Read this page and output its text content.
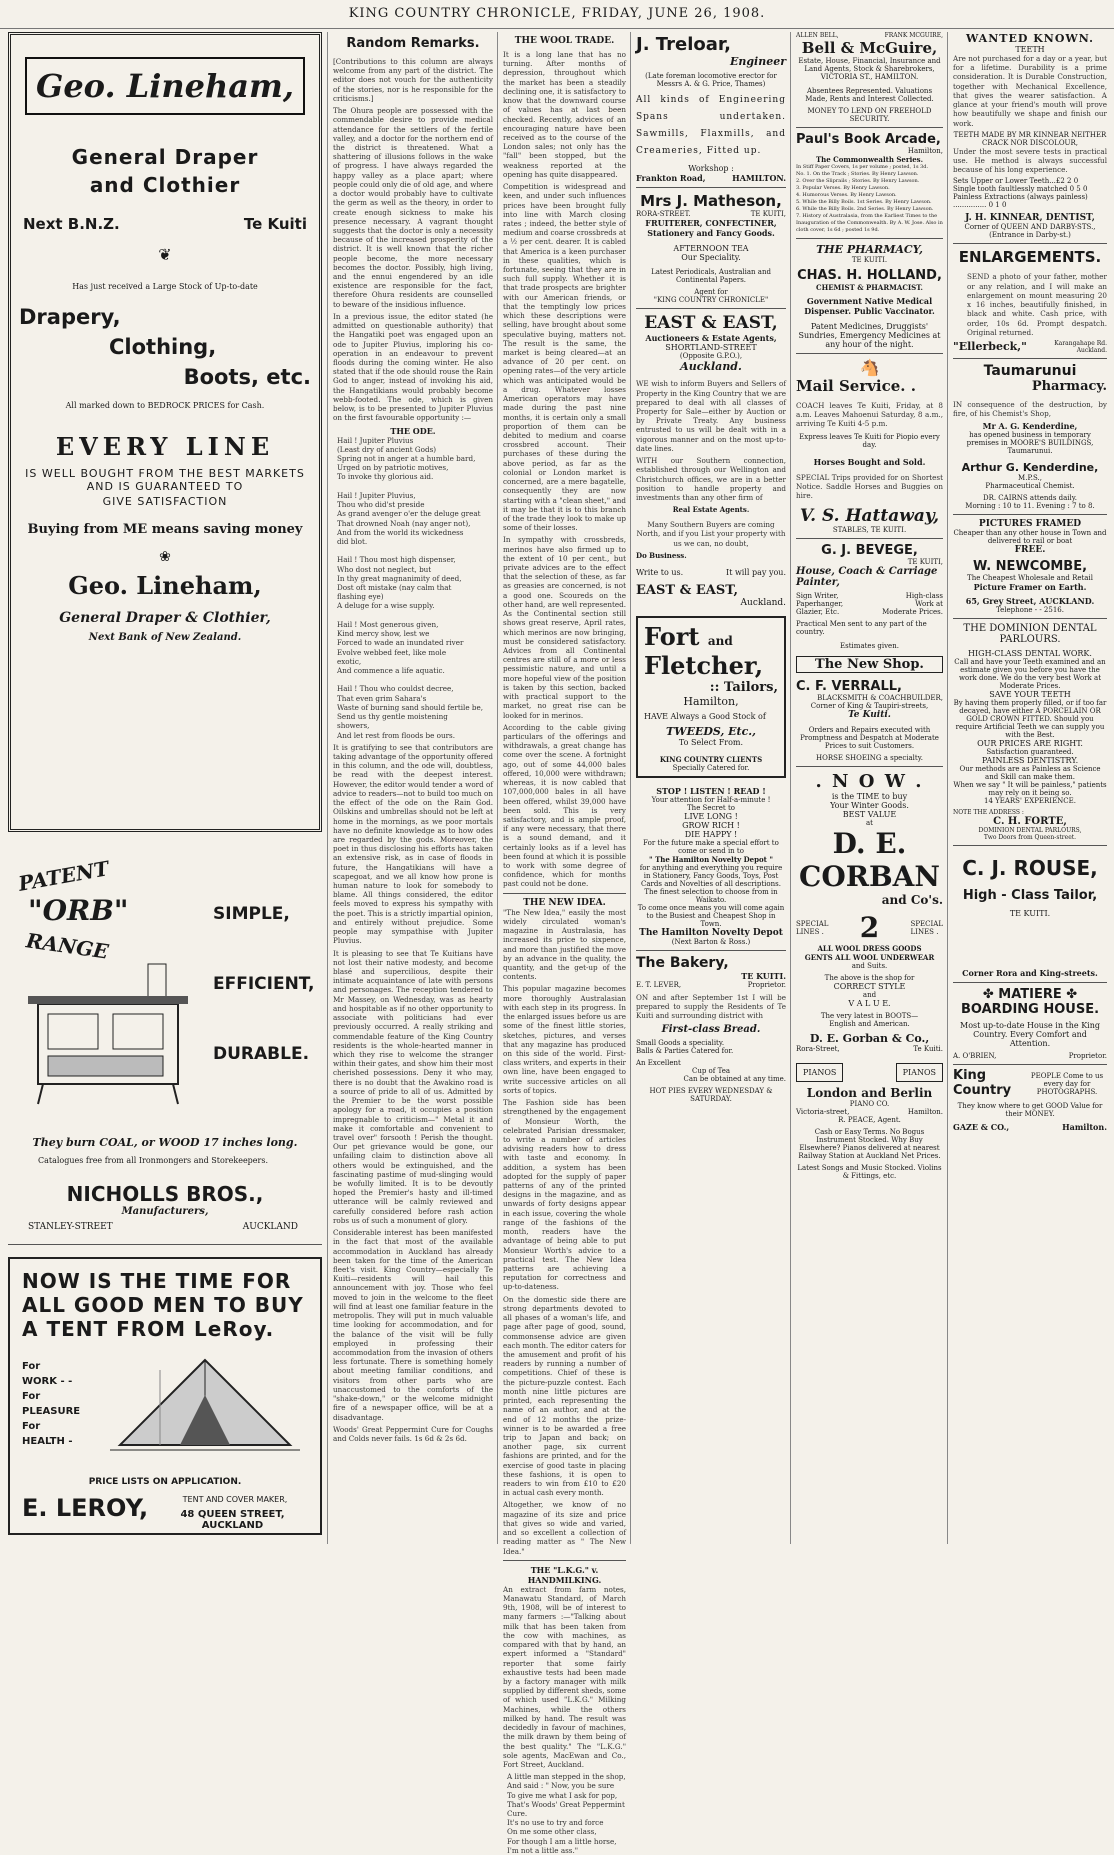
KING COUNTRY CHRONICLE, FRIDAY, JUNE 26, 1908.
Geo. Lineham,
General Draper
and Clothier
Next B.N.Z.	Te Kuiti
❦
Has just received a Large Stock of Up-to-date
Drapery,
Clothing,
Boots, etc.
All marked down to BEDROCK PRICES for Cash.
EVERY LINE
IS WELL BOUGHT FROM THE BEST MARKETS AND IS GUARANTEED TO
GIVE SATISFACTION
Buying from ME means saving money
❀
Geo. Lineham,
General Draper & Clothier,
Next Bank of New Zealand.
PATENT
"ORB"
RANGE
SIMPLE,
EFFICIENT,
DURABLE.
They burn COAL, or WOOD 17 inches long.
Catalogues free from all Ironmongers and Storekeepers.
NICHOLLS BROS.,
Manufacturers,
STANLEY-STREET	AUCKLAND
NOW IS THE TIME FOR ALL GOOD MEN TO BUY A TENT FROM LeRoy.
For
WORK - -
For
PLEASURE
For
HEALTH -
PRICE LISTS ON APPLICATION.
E. LEROY,	TENT AND COVER MAKER,
48 QUEEN STREET, AUCKLAND
Random Remarks.

[Contributions to this column are always welcome from any part of the district. The editor does not vouch for the authenticity of the stories, nor is he responsible for the criticisms.]

The Ohura people are possessed with the commendable desire to provide medical attendance for the settlers of the fertile valley, and a doctor for the northern end of the district is threatened. What a shattering of illusions follows in the wake of progress. I have always regarded the happy valley as a place apart; where people could only die of old age, and where a doctor would probably have to cultivate the germ as well as the theory, in order to create enough sickness to make his presence necessary. A vagrant thought suggests that the doctor is only a necessity because of the increased prosperity of the district. It is well known that the richer people become, the more necessary becomes the doctor. Possibly, high living, and the ennui engendered by an idle existence are responsible for the fact, therefore Ohura residents are counselled to beware of the insidious influence.

In a previous issue, the editor stated (he admitted on questionable authority) that the Hangatiki poet was engaged upon an ode to Jupiter Pluvius, imploring his co-operation in an endeavour to prevent floods during the coming winter. He also stated that if the ode should rouse the Rain God to anger, instead of invoking his aid, the Hangatikians would probably become webb-footed. The ode, which is given below, is to be presented to Jupiter Pluvius on the first favourable opportunity :—

THE ODE.
Hail ! Jupiter Pluvius
(Least dry of ancient Gods)
Spring not in anger at a humble bard,
Urged on by patriotic motives,
To invoke thy glorious aid.

Hail ! Jupiter Pluvius,
Thou who did'st preside
As grand avenger o'er the deluge great
That drowned Noah (nay anger not),
And from the world its wickedness
did blot.

Hail ! Thou most high dispenser,
Who dost not neglect, but
In thy great magnanimity of deed,
Dost oft mistake (nay calm that
flashing eye)
A deluge for a wise supply.

Hail ! Most generous given,
Kind mercy show, lest we
Forced to wade an inundated river
Evolve webbed feet, like mole
exotic,
And commence a life aquatic.

Hail ! Thou who couldst decree,
That even grim Sahara's
Waste of burning sand should fertile be,
Send us thy gentle moistening
showers,
And let rest from floods be ours.

It is gratifying to see that contributors are taking advantage of the opportunity offered in this column, and the ode will, doubtless, be read with the deepest interest. However, the editor would tender a word of advice to readers—not to build too much on the effect of the ode on the Rain God. Oilskins and umbrellas should not be left at home in the mornings, as we poor mortals have no definite knowledge as to how odes are regarded by the gods. Moreover, the poet in thus disclosing his efforts has taken an extensive risk, as in case of floods in future, the Hangatikians will have a scapegoat, and we all know how prone is human nature to look for somebody to blame. All things considered, the editor feels moved to express his sympathy with the poet. This is a strictly impartial opinion, and entirely without prejudice. Some people may sympathise with Jupiter Pluvius.

It is pleasing to see that Te Kuitians have not lost their native modesty, and become blasé and supercilious, despite their intimate acquaintance of late with persons and personages. The reception tendered to Mr Massey, on Wednesday, was as hearty and hospitable as if no other opportunity to associate with politicians had ever previously occurred. A really striking and commendable feature of the King Country residents is the whole-hearted manner in which they rise to welcome the stranger within their gates, and show him their most cherished possessions. Deny it who may, there is no doubt that the Awakino road is a source of pride to all of us. Admitted by the Premier to be the worst possible apology for a road, it occupies a position impregnable to criticism—" Metal it and make it comfortable and convenient to travel over" forsooth ! Perish the thought. Our pet grievance would be gone, our unfailing claim to distinction above all others would be extinguished, and the fascinating pastime of mud-slinging would be wofully limited. It is to be devoutly hoped the Premier's hasty and ill-timed utterance will be calmly reviewed and carefully considered before rash action robs us of such a monument of glory.

Considerable interest has been manifested in the fact that most of the available accommodation in Auckland has already been taken for the time of the American fleet's visit. King Country—especially Te Kuiti—residents will hail this announcement with joy. Those who feel moved to join in the welcome to the fleet will find at least one familiar feature in the metropolis. They will put in much valuable time looking for accommodation, and for the balance of the visit will be fully employed in professing their accommodation from the invasion of others less fortunate. There is something homely about meeting familiar conditions, and visitors from other parts who are unaccustomed to the comforts of the "shake-down," or the welcome midnight fire of a newspaper office, will be at a disadvantage.

Woods' Great Peppermint Cure for Coughs and Colds never fails. 1s 6d & 2s 6d.

THE WOOL TRADE.

It is a long lane that has no turning. After months of depression, throughout which the market has been a steadily declining one, it is satisfactory to know that the downward course of values has at last been checked. Recently, advices of an encouraging nature have been received as to the course of the London sales; not only has the "fall" been stopped, but the weakness reported at the opening has quite disappeared.

Competition is widespread and keen, and under such influences prices have been brought fully into line with March closing rates ; indeed, the better style of medium and coarse crossbreds at a ½ per cent. dearer. It is cabled that America is a keen purchaser in these qualities, which is fortunate, seeing that they are in such full supply. Whether it is that trade prospects are brighter with our American friends, or that the temptingly low prices which these descriptions were selling, have brought about some speculative buying, matters not. The result is the same, the market is being cleared—at an advance of 20 per cent. on opening rates—of the very article which was anticipated would be a drug. Whatever losses American operators may have made during the past nine months, it is certain only a small proportion of them can be debited to medium and coarse crossbred account. Their purchases of these during the above period, as far as the colonial or London market is concerned, are a mere bagatelle, consequently they are now starting with a "clean sheet," and it may be that it is to this branch of the trade they look to make up some of their losses.

In sympathy with crossbreds, merinos have also firmed up to the extent of 10 per cent., but private advices are to the effect that the selection of these, as far as greasies are concerned, is not a good one. Scoureds on the other hand, are well represented. As the Continental section still shows great reserve, April rates, which merinos are now bringing, must be considered satisfactory. Advices from all Continental centres are still of a more or less pessimistic nature, and until a more hopeful view of the position is taken by this section, backed with practical support to the market, no great rise can be looked for in merinos.

According to the cable giving particulars of the offerings and withdrawals, a great change has come over the scene. A fortnight ago, out of some 44,000 bales offered, 10,000 were withdrawn; whereas, it is now cabled that 107,000,000 bales in all have been offered, whilst 39,000 have been sold. This is very satisfactory, and is ample proof, if any were necessary, that there is a sound demand, and it certainly looks as if a level has been found at which it is possible to work with some degree of confidence, which for months past could not be done.

THE NEW IDEA.

"The New Idea," easily the most widely circulated woman's magazine in Australasia, has increased its price to sixpence, and more than justified the move by an advance in the quality, the quantity, and the get-up of the contents.

This popular magazine becomes more thoroughly Australasian with each step in its progress. In the enlarged issues before us are some of the finest little stories, sketches, pictures, and verses that any magazine has produced on this side of the world. First-class writers, and experts in their own line, have been engaged to write successive articles on all sorts of topics.

The Fashion side has been strengthened by the engagement of Monsieur Worth, the celebrated Parisian dressmaker, to write a number of articles advising readers how to dress with taste and economy. In addition, a system has been adopted for the supply of paper patterns of any of the printed designs in the magazine, and as unwards of forty designs appear in each issue, covering the whole range of the fashions of the month, readers have the advantage of being able to put Monsieur Worth's advice to a practical test. The New Idea patterns are achieving a reputation for correctness and up-to-dateness.

On the domestic side there are strong departments devoted to all phases of a woman's life, and page after page of good, sound, commonsense advice are given each month. The editor caters for the amusement and profit of his readers by running a number of competitions. Chief of these is the picture-puzzle contest. Each month nine little pictures are printed, each representing the name of an author, and at the end of 12 months the prize-winner is to be awarded a free trip to Japan and back; on another page, six current fashions are printed, and for the exercise of good taste in placing these fashions, it is open to readers to win from £10 to £20 in actual cash every month.

Altogether, we know of no magazine of its size and price that gives so wide and varied, and so excellent a collection of reading matter as " The New Idea."

THE "L.K.G." v. HANDMILKING.

An extract from farm notes, Manawatu Standard, of March 9th, 1908, will be of interest to many farmers :—"Talking about milk that has been taken from the cow with machines, as compared with that by hand, an expert informed a "Standard" reporter that some fairly exhaustive tests had been made by a factory manager with milk supplied by different sheds, some of which used "L.K.G." Milking Machines, while the others milked by hand. The result was decidedly in favour of machines, the milk drawn by them being of the best quality." The "L.K.G." sole agents, MacEwan and Co., Fort Street, Auckland.

A little man stepped in the shop,
And said : " Now, you be sure
To give me what I ask for pop,
That's Woods' Great Peppermint
Cure.
It's no use to try and force
On me some other class,
For though I am a little horse,
I'm not a little ass."
J. Treloar,
Engineer
(Late foreman locomotive erector for Messrs A. & G. Price, Thames)
All kinds of Engineering Spans undertaken. Sawmills, Flaxmills, and Creameries, Fitted up.
Workshop :
Frankton Road,	HAMILTON.
Mrs J. Matheson,
RORA-STREET.	TE KUITI,
FRUITERER, CONFECTINER,
Stationery and Fancy Goods.
AFTERNOON TEA
Our Speciality.
Latest Periodicals, Australian and Continental Papers.
Agent for
"KING COUNTRY CHRONICLE"
EAST & EAST,
Auctioneers & Estate Agents,
SHORTLAND-STREET
(Opposite G.P.O.),
Auckland.

WE wish to inform Buyers and Sellers of Property in the King Country that we are prepared to deal with all classes of Property for Sale—either by Auction or by Private Treaty. Any business entrusted to us will be dealt with in a vigorous manner and on the most up-to-date lines.

WITH our Southern connection, established through our Wellington and Christchurch offices, we are in a better position to handle property and investments than any other firm of

Real Estate Agents.

Many Southern Buyers are coming North, and if you List your property with us we can, no doubt,

Do Business.
Write to us.	It will pay you.
EAST & EAST,
Auckland.
Fort and
Fletcher,
:: Tailors,
Hamilton,
HAVE Always a Good Stock of
TWEEDS, Etc.,
To Select From.
KING COUNTRY CLIENTS
Specially Catered for.
STOP ! LISTEN ! READ !
Your attention for Half-a-minute !
The Secret to
LIVE LONG !
GROW RICH !
DIE HAPPY !
For the future make a special effort to come or send in to
" The Hamilton Novelty Depot "
for anything and everything you require in Stationery, Fancy Goods, Toys, Post Cards and Novelties of all descriptions.
The finest selection to choose from in Waikato.
To come once means you will come again to the Busiest and Cheapest Shop in Town.
The Hamilton Novelty Depot
(Next Barton & Ross.)
The Bakery,
TE KUITI.
E. T. LEVER,	Proprietor.

ON and after September 1st I will be prepared to supply the Residents of Te Kuiti and surrounding district with

First-class Bread.
Small Goods a speciality.
Balls & Parties Catered for.
An Excellent
Cup of Tea
Can be obtained at any time.
HOT PIES EVERY WEDNESDAY & SATURDAY.
ALLEN BELL,	FRANK MCGUIRE,
Bell & McGuire,
Estate, House, Financial, Insurance and Land Agents, Stock & Sharebrokers,
VICTORIA ST., HAMILTON.
Absentees Represented. Valuations Made, Rents and Interest Collected.
MONEY TO LEND ON FREEHOLD SECURITY.
Paul's Book Arcade,
Hamilton,
The Commonwealth Series.
In Stiff Paper Covers, 1s per volume ; posted, 1s 3d.
No. 1. On the Track ; Stories. By Henry Lawson.
2. Over the Sliprails ; Stories. By Henry Lawson.
3. Popular Verses. By Henry Lawson.
4. Humorous Verses. By Henry Lawson.
5. While the Billy Boils. 1st Series. By Henry Lawson.
6. While the Billy Boils. 2nd Series. By Henry Lawson.
7. History of Australasia, from the Earliest Times to the Inauguration of the Commonwealth. By A. W. Jose. Also in cloth cover, 1s 6d ; posted 1s 9d.
THE PHARMACY,
TE KUITI.
CHAS. H. HOLLAND,
CHEMIST & PHARMACIST.
Government Native Medical Dispenser. Public Vaccinator.
Patent Medicines, Druggists' Sundries, Emergency Medicines at any hour of the night.
🐴
Mail Service. .

COACH leaves Te Kuiti, Friday, at 8 a.m. Leaves Mahoenui Saturday, 8 a.m., arriving Te Kuiti 4-5 p.m.

Express leaves Te Kuiti for Piopio every day.
Horses Bought and Sold.

SPECIAL Trips provided for on Shortest Notice. Saddle Horses and Buggies on hire.

V. S. Hattaway,
STABLES, TE KUITI.
G. J. BEVEGE,
TE KUITI,
House, Coach & Carriage Painter,
Sign Writer,	High-class
Paperhanger,	Work at
Glazier, Etc.	Moderate Prices.
Practical Men sent to any part of the country.
Estimates given.
The New Shop.
C. F. VERRALL,
BLACKSMITH & COACHBUILDER,
Corner of King & Taupiri-streets,
Te Kuiti.
Orders and Repairs executed with Promptness and Despatch at Moderate Prices to suit Customers.
HORSE SHOEING a specialty.
. N O W .
is the TIME to buy
Your Winter Goods.
BEST VALUE
at
D. E. CORBAN
and Co's.
SPECIAL
LINES . 2	SPECIAL
LINES .
ALL WOOL DRESS GOODS
GENTS ALL WOOL UNDERWEAR
and Suits.
The above is the shop for
CORRECT STYLE
and
V A L U E.
The very latest in BOOTS—
English and American.
D. E. Gorban & Co.,
Rora-Street,	Te Kuiti.
PIANOS	PIANOS
London and Berlin
PIANO CO.
Victoria-street,	Hamilton.
R. PEACE, Agent.
Cash or Easy Terms. No Bogus Instrument Stocked. Why Buy Elsewhere? Pianos delivered at nearest Railway Station at Auckland Net Prices.
Latest Songs and Music Stocked. Violins & Fittings, etc.
WANTED KNOWN.
TEETH

Are not purchased for a day or a year, but for a lifetime. Durability is a prime consideration. It is Durable Construction, together with Mechanical Excellence, that gives the wearer satisfaction. A glance at your friend's mouth will prove how beautifully we shape and finish our work.

TEETH MADE BY MR KINNEAR NEITHER CRACK NOR DISCOLOUR,

Under the most severe tests in practical use. He method is always successful because of his long experience.

Sets Upper or Lower Teeth...£2 2 0
Single tooth faultlessly matched 0 5 0
Painless Extractions (always painless) ............... 0 1 0
J. H. KINNEAR, DENTIST,
Corner of QUEEN AND DARBY-STS.,
(Entrance in Darby-st.)
ENLARGEMENTS.

SEND a photo of your father, mother or any relation, and I will make an enlargement on mount measuring 20 x 16 inches, beautifully finished, in black and white. Cash price, with order, 10s 6d. Prompt despatch. Original returned.

"Ellerbeck,"	Karangahape Rd. Auckland.
Taumarunui
Pharmacy.

IN consequence of the destruction, by fire, of his Chemist's Shop,

Mr A. G. Kenderdine,
has opened business in temporary premises in MOORE'S BUILDINGS, Taumarunui.
Arthur G. Kenderdine,
M.P.S.,
Pharmaceutical Chemist.
DR. CAIRNS attends daily.
Morning : 10 to 11. Evening : 7 to 8.
PICTURES FRAMED
Cheaper than any other house in Town and delivered to rail or boat
FREE.
W. NEWCOMBE,
The Cheapest Wholesale and Retail
Picture Framer on Earth.
65, Grey Street, AUCKLAND.
Telephone - - 2516.
THE DOMINION DENTAL PARLOURS.
HIGH-CLASS DENTAL WORK.
Call and have your Teeth examined and an estimate given you before you have the work done. We do the very best Work at Moderate Prices.
SAVE YOUR TEETH
By having them properly filled, or if too far decayed, have either A PORCELAIN OR GOLD CROWN FITTED. Should you require Artificial Teeth we can supply you with the Best.
OUR PRICES ARE RIGHT.
Satisfaction guaranteed.
PAINLESS DENTISTRY.
Our methods are as Painless as Science and Skill can make them.
When we say " It will be painless," patients may rely on it being so.
14 YEARS' EXPERIENCE.
NOTE THE ADDRESS :
C. H. FORTE,
DOMINION DENTAL PARLOURS,
Two Doors from Queen-street.
C. J. ROUSE,
High - Class Tailor,
TE KUITI.
Corner Rora and King-streets.
✤ MATIERE ✤
BOARDING HOUSE.
Most up-to-date House in the King Country. Every Comfort and Attention.
A. O'BRIEN,	Proprietor.
King
Country
PEOPLE Come to us every day for PHOTOGRAPHS.
They know where to get GOOD Value for their MONEY.
GAZE & CO.,	Hamilton.
